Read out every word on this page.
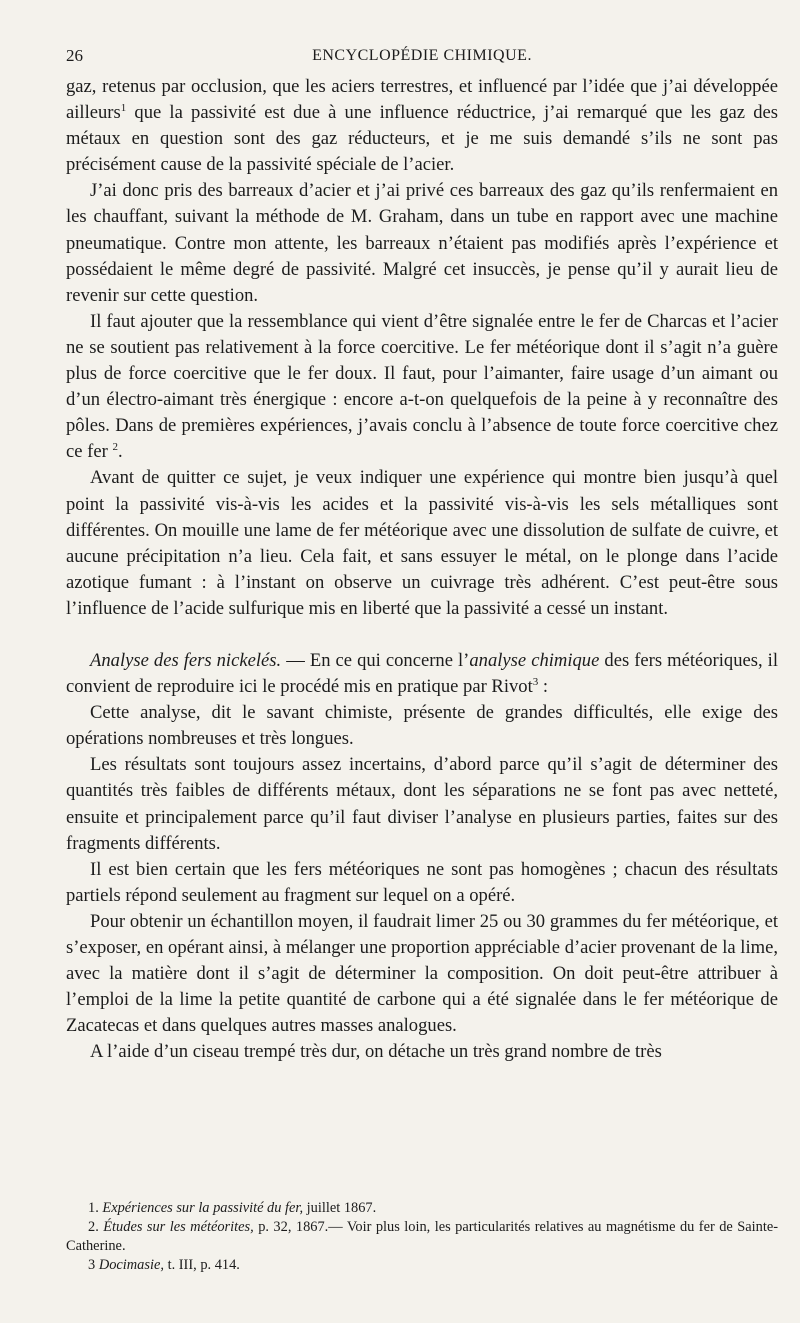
26	ENCYCLOPÉDIE CHIMIQUE.

gaz, retenus par occlusion, que les aciers terrestres, et influencé par l’idée que j’ai développée ailleurs$^1$ que la passivité est due à une influence réductrice, j’ai remarqué que les gaz des métaux en question sont des gaz réducteurs, et je me suis demandé s’ils ne sont pas précisément cause de la passivité spéciale de l’acier.

J’ai donc pris des barreaux d’acier et j’ai privé ces barreaux des gaz qu’ils renfermaient en les chauffant, suivant la méthode de M. Graham, dans un tube en rapport avec une machine pneumatique. Contre mon attente, les barreaux n’étaient pas modifiés après l’expérience et possédaient le même degré de passivité. Malgré cet insuccès, je pense qu’il y aurait lieu de revenir sur cette question.

Il faut ajouter que la ressemblance qui vient d’être signalée entre le fer de Charcas et l’acier ne se soutient pas relativement à la force coercitive. Le fer météorique dont il s’agit n’a guère plus de force coercitive que le fer doux. Il faut, pour l’aimanter, faire usage d’un aimant ou d’un électro-aimant très énergique : encore a-t-on quelquefois de la peine à y reconnaître des pôles. Dans de premières expériences, j’avais conclu à l’absence de toute force coercitive chez ce fer $^2$.

Avant de quitter ce sujet, je veux indiquer une expérience qui montre bien jusqu’à quel point la passivité vis-à-vis les acides et la passivité vis-à-vis les sels métalliques sont différentes. On mouille une lame de fer météorique avec une dissolution de sulfate de cuivre, et aucune précipitation n’a lieu. Cela fait, et sans essuyer le métal, on le plonge dans l’acide azotique fumant : à l’instant on observe un cuivrage très adhérent. C’est peut-être sous l’influence de l’acide sulfurique mis en liberté que la passivité a cessé un instant.

Analyse des fers nickelés. — En ce qui concerne l’analyse chimique des fers météoriques, il convient de reproduire ici le procédé mis en pratique par Rivot$^3$ :

Cette analyse, dit le savant chimiste, présente de grandes difficultés, elle exige des opérations nombreuses et très longues.

Les résultats sont toujours assez incertains, d’abord parce qu’il s’agit de déterminer des quantités très faibles de différents métaux, dont les séparations ne se font pas avec netteté, ensuite et principalement parce qu’il faut diviser l’analyse en plusieurs parties, faites sur des fragments différents.

Il est bien certain que les fers météoriques ne sont pas homogènes ; chacun des résultats partiels répond seulement au fragment sur lequel on a opéré.

Pour obtenir un échantillon moyen, il faudrait limer 25 ou 30 grammes du fer météorique, et s’exposer, en opérant ainsi, à mélanger une proportion appréciable d’acier provenant de la lime, avec la matière dont il s’agit de déterminer la composition. On doit peut-être attribuer à l’emploi de la lime la petite quantité de carbone qui a été signalée dans le fer météorique de Zacatecas et dans quelques autres masses analogues.

A l’aide d’un ciseau trempé très dur, on détache un très grand nombre de très

1. Expériences sur la passivité du fer, juillet 1867.

2. Études sur les météorites, p. 32, 1867.— Voir plus loin, les particularités relatives au magnétisme du fer de Sainte-Catherine.

3 Docimasie, t. III, p. 414.
